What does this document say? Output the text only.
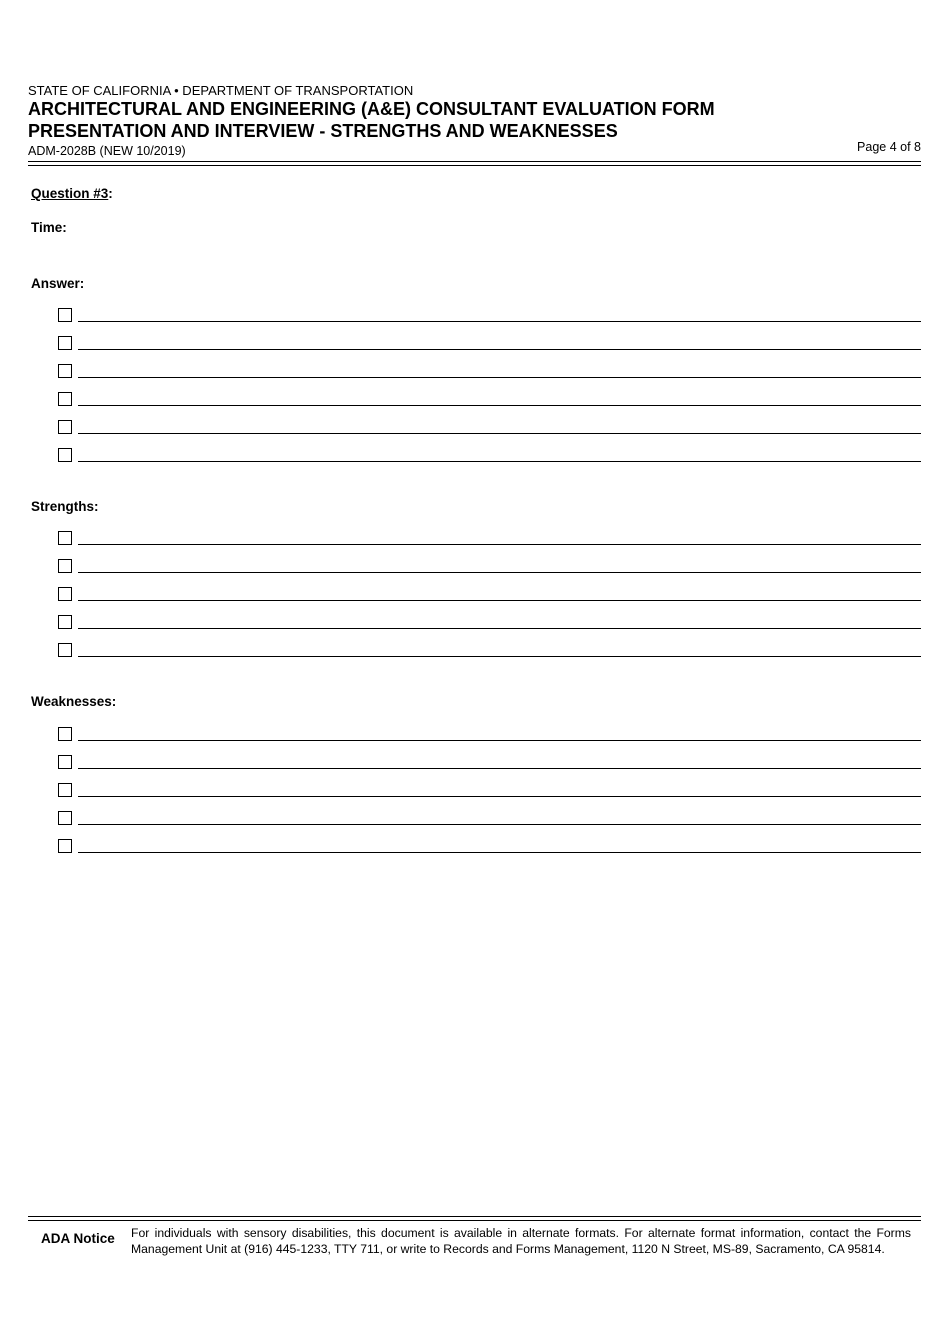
STATE OF CALIFORNIA • DEPARTMENT OF TRANSPORTATION
ARCHITECTURAL AND ENGINEERING (A&E) CONSULTANT EVALUATION FORM
PRESENTATION AND INTERVIEW - STRENGTHS AND WEAKNESSES
ADM-2028B (NEW 10/2019)	Page 4 of 8
Question #3:
Time:
Answer:
Strengths:
Weaknesses:
ADA Notice For individuals with sensory disabilities, this document is available in alternate formats. For alternate format information, contact the Forms Management Unit at (916) 445-1233, TTY 711, or write to Records and Forms Management, 1120 N Street, MS-89, Sacramento, CA 95814.
